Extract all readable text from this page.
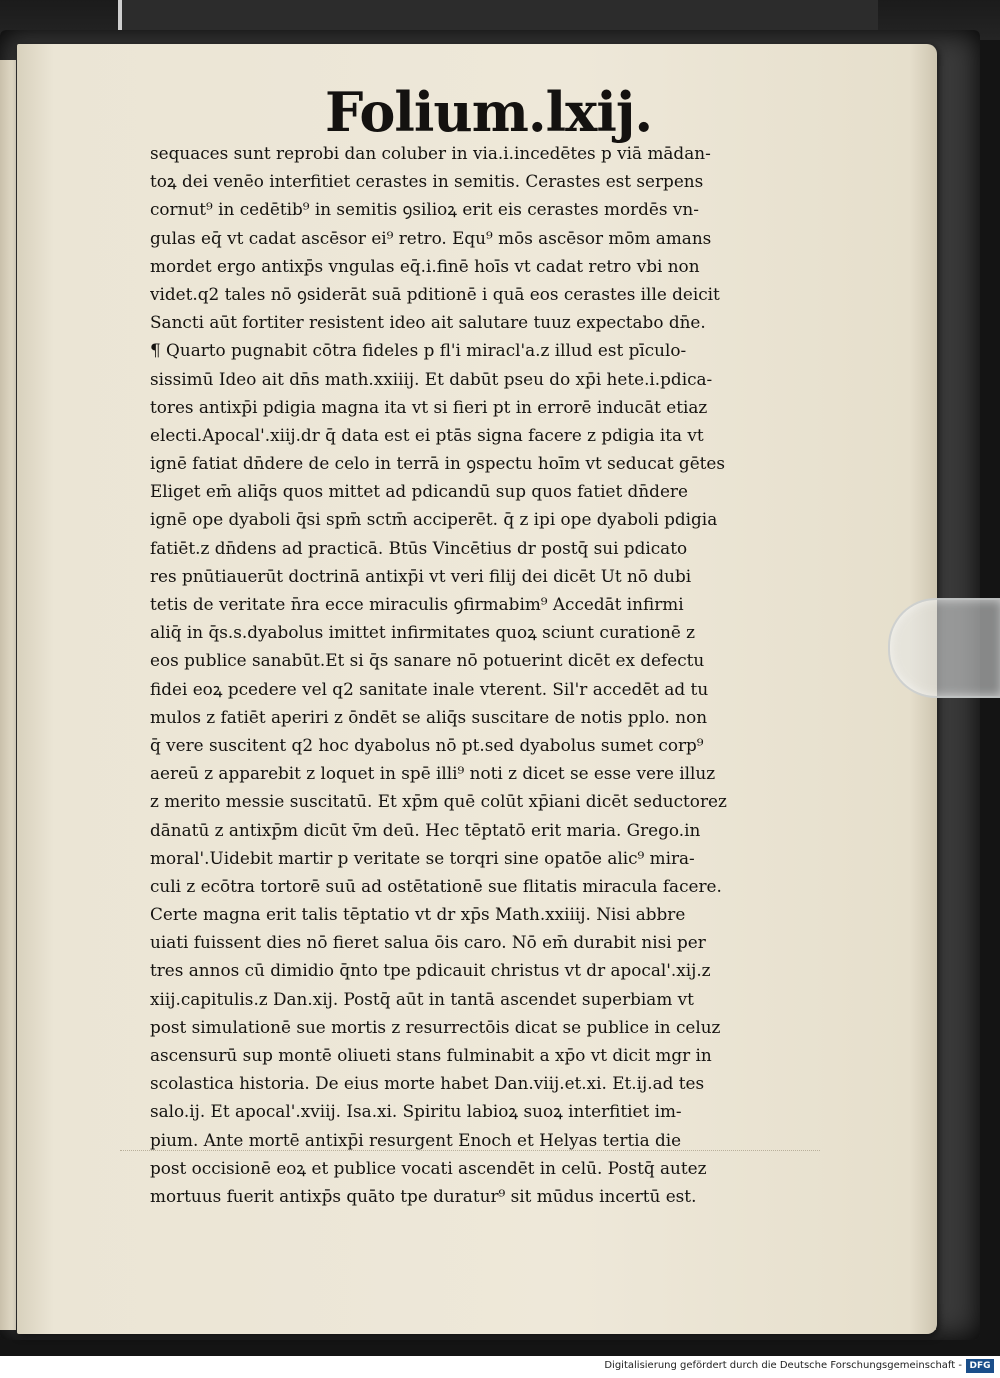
Folium.lxij.
sequaces sunt reprobi dan coluber in via.i.incedētes p viā mādan-
toꝝ dei venēo interfitiet cerastes in semitis. Cerastes est serpens
cornut⁹ in cedētib⁹ in semitis ꝯsilioꝝ erit eis cerastes mordēs vn-
gulas eq̄ vt cadat ascēsor ei⁹ retro. Equ⁹ mōs ascēsor mōm amans
mordet ergo antixp̄s vngulas eq̄.i.finē hoīs vt cadat retro vbi non
videt.q2 tales nō ꝯsiderāt suā pditionē i quā eos cerastes ille deicit
Sancti aūt fortiter resistent ideo ait salutare tuuz expectabo dn̄e.
¶ Quarto pugnabit cōtra fideles p fl'i miracl'a.z illud est pīculo-
sissimū Ideo ait dn̄s math.xxiiij. Et dabūt pseu do xp̄i hete.i.pdica-
tores antixp̄i pdigia magna ita vt si fieri pt in errorē inducāt etiaz
electi.Apocal'.xiij.dr q̄ data est ei ptās signa facere z pdigia ita vt
ignē fatiat dn̄dere de celo in terrā in ꝯspectu hoīm vt seducat gētes
Eliget em̄ aliq̄s quos mittet ad pdicandū sup quos fatiet dn̄dere
ignē ope dyaboli q̄si spm̄ sctm̄ acciperēt. q̄ z ipi ope dyaboli pdigia
fatiēt.z dn̄dens ad practicā. Btūs Vincētius dr postq̄ sui pdicato
res pnūtiauerūt doctrinā antixp̄i vt veri filij dei dicēt Ut nō dubi
tetis de veritate n̄ra ecce miraculis ꝯfirmabim⁹ Accedāt infirmi
aliq̄ in q̄s.s.dyabolus imittet infirmitates quoꝝ sciunt curationē z
eos publice sanabūt.Et si q̄s sanare nō potuerint dicēt ex defectu
fidei eoꝝ pcedere vel q2 sanitate inale vterent. Sil'r accedēt ad tu
mulos z fatiēt aperiri z ōndēt se aliq̄s suscitare de notis pplo. non
q̄ vere suscitent q2 hoc dyabolus nō pt.sed dyabolus sumet corp⁹
aereū z apparebit z loquet in spē illi⁹ noti z dicet se esse vere illuz
z merito messie suscitatū. Et xp̄m quē colūt xp̄iani dicēt seductorez
dānatū z antixp̄m dicūt v̄m deū. Hec tēptatō erit maria. Grego.in
moral'.Uidebit martir p veritate se torqri sine opatōe alic⁹ mira-
culi z ecōtra tortorē suū ad ostētationē sue flitatis miracula facere.
Certe magna erit talis tēptatio vt dr xp̄s Math.xxiiij. Nisi abbre
uiati fuissent dies nō fieret salua ōis caro. Nō em̄ durabit nisi per
tres annos cū dimidio q̄nto tpe pdicauit christus vt dr apocal'.xij.z
xiij.capitulis.z Dan.xij. Postq̄ aūt in tantā ascendet superbiam vt
post simulationē sue mortis z resurrectōis dicat se publice in celuz
ascensurū sup montē oliueti stans fulminabit a xp̄o vt dicit mgr in
scolastica historia. De eius morte habet Dan.viij.et.xi. Et.ij.ad tes
salo.ij. Et apocal'.xviij. Isa.xi. Spiritu labioꝝ suoꝝ interfitiet im-
pium. Ante mortē antixp̄i resurgent Enoch et Helyas tertia die
post occisionē eoꝝ et publice vocati ascendēt in celū. Postq̄ autez
mortuus fuerit antixp̄s quāto tpe duratur⁹ sit mūdus incertū est.
Digitalisierung gefördert durch die Deutsche Forschungsgemeinschaft - DFG
